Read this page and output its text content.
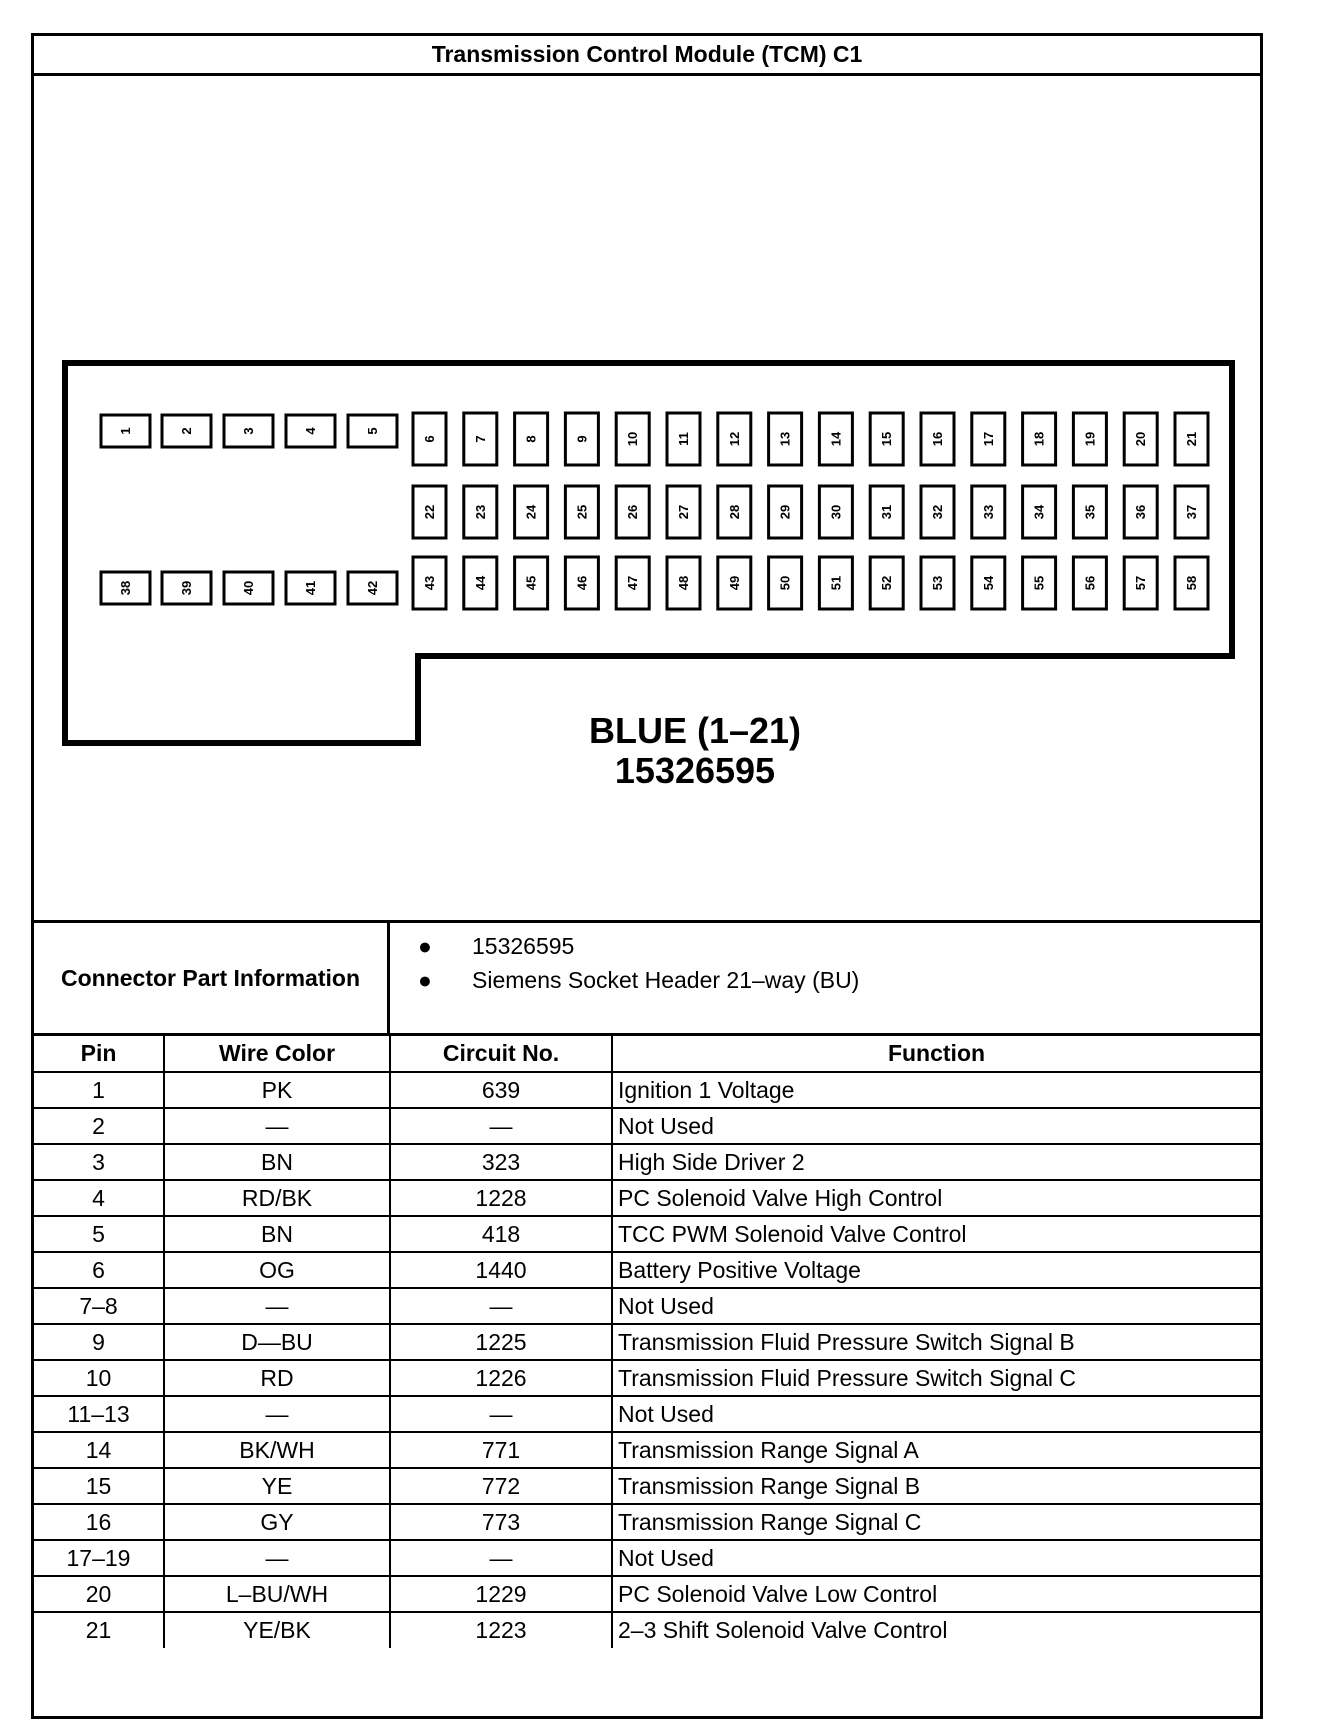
Transmission Control Module (TCM) C1
1	2	3	4	5
6	7	8	9	10	11	12	13	14	15	16	17	18	19	20	21
22	23	24	25	26	27	28	29	30	31	32	33	34	35	36	37
38	39	40	41	42	43	44	45	46	47	48	49	50	51	52	53	54	55	56	57	58
BLUE (1–21)
15326595
Connector Part Information
●	15326595
●	Siemens Socket Header 21–way (BU)
Pin	Wire Color	Circuit No.	Function
1	PK	639	Ignition 1 Voltage
2	—	—	Not Used
3	BN	323	High Side Driver 2
4	RD/BK	1228	PC Solenoid Valve High Control
5	BN	418	TCC PWM Solenoid Valve Control
6	OG	1440	Battery Positive Voltage
7–8	—	—	Not Used
9	D—BU	1225	Transmission Fluid Pressure Switch Signal B
10	RD	1226	Transmission Fluid Pressure Switch Signal C
11–13	—	—	Not Used
14	BK/WH	771	Transmission Range Signal A
15	YE	772	Transmission Range Signal B
16	GY	773	Transmission Range Signal C
17–19	—	—	Not Used
20	L–BU/WH	1229	PC Solenoid Valve Low Control
21	YE/BK	1223	2–3 Shift Solenoid Valve Control
